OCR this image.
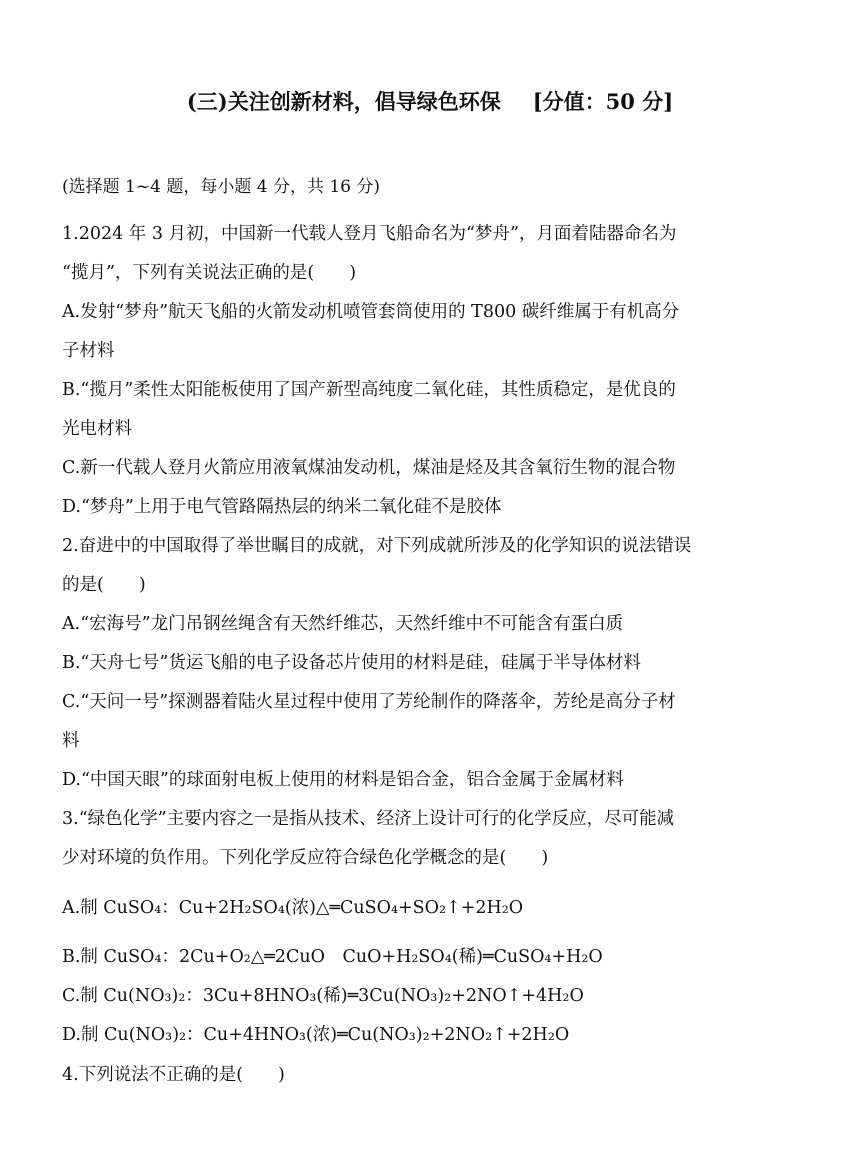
(三)关注创新材料，倡导绿色环保 [分值：50 分]
(选择题 1~4 题，每小题 4 分，共 16 分)
1.2024 年 3 月初，中国新一代载人登月飞船命名为“梦舟”，月面着陆器命名为
“揽月”，下列有关说法正确的是(　　)
A.发射“梦舟”航天飞船的火箭发动机喷管套筒使用的 T800 碳纤维属于有机高分
子材料
B.“揽月”柔性太阳能板使用了国产新型高纯度二氧化硅，其性质稳定，是优良的
光电材料
C.新一代载人登月火箭应用液氧煤油发动机，煤油是烃及其含氧衍生物的混合物
D.“梦舟”上用于电气管路隔热层的纳米二氧化硅不是胶体
2.奋进中的中国取得了举世瞩目的成就，对下列成就所涉及的化学知识的说法错误
的是(　　)
A.“宏海号”龙门吊钢丝绳含有天然纤维芯，天然纤维中不可能含有蛋白质
B.“天舟七号”货运飞船的电子设备芯片使用的材料是硅，硅属于半导体材料
C.“天问一号”探测器着陆火星过程中使用了芳纶制作的降落伞，芳纶是高分子材
料
D.“中国天眼”的球面射电板上使用的材料是铝合金，铝合金属于金属材料
3.“绿色化学”主要内容之一是指从技术、经济上设计可行的化学反应，尽可能减
少对环境的负作用。下列化学反应符合绿色化学概念的是(　　)
A.制 CuSO₄：Cu+2H₂SO₄(浓)△═CuSO₄+SO₂↑+2H₂O
B.制 CuSO₄：2Cu+O₂△═2CuO　CuO+H₂SO₄(稀)═CuSO₄+H₂O
C.制 Cu(NO₃)₂：3Cu+8HNO₃(稀)═3Cu(NO₃)₂+2NO↑+4H₂O
D.制 Cu(NO₃)₂：Cu+4HNO₃(浓)═Cu(NO₃)₂+2NO₂↑+2H₂O
4.下列说法不正确的是(　　)
